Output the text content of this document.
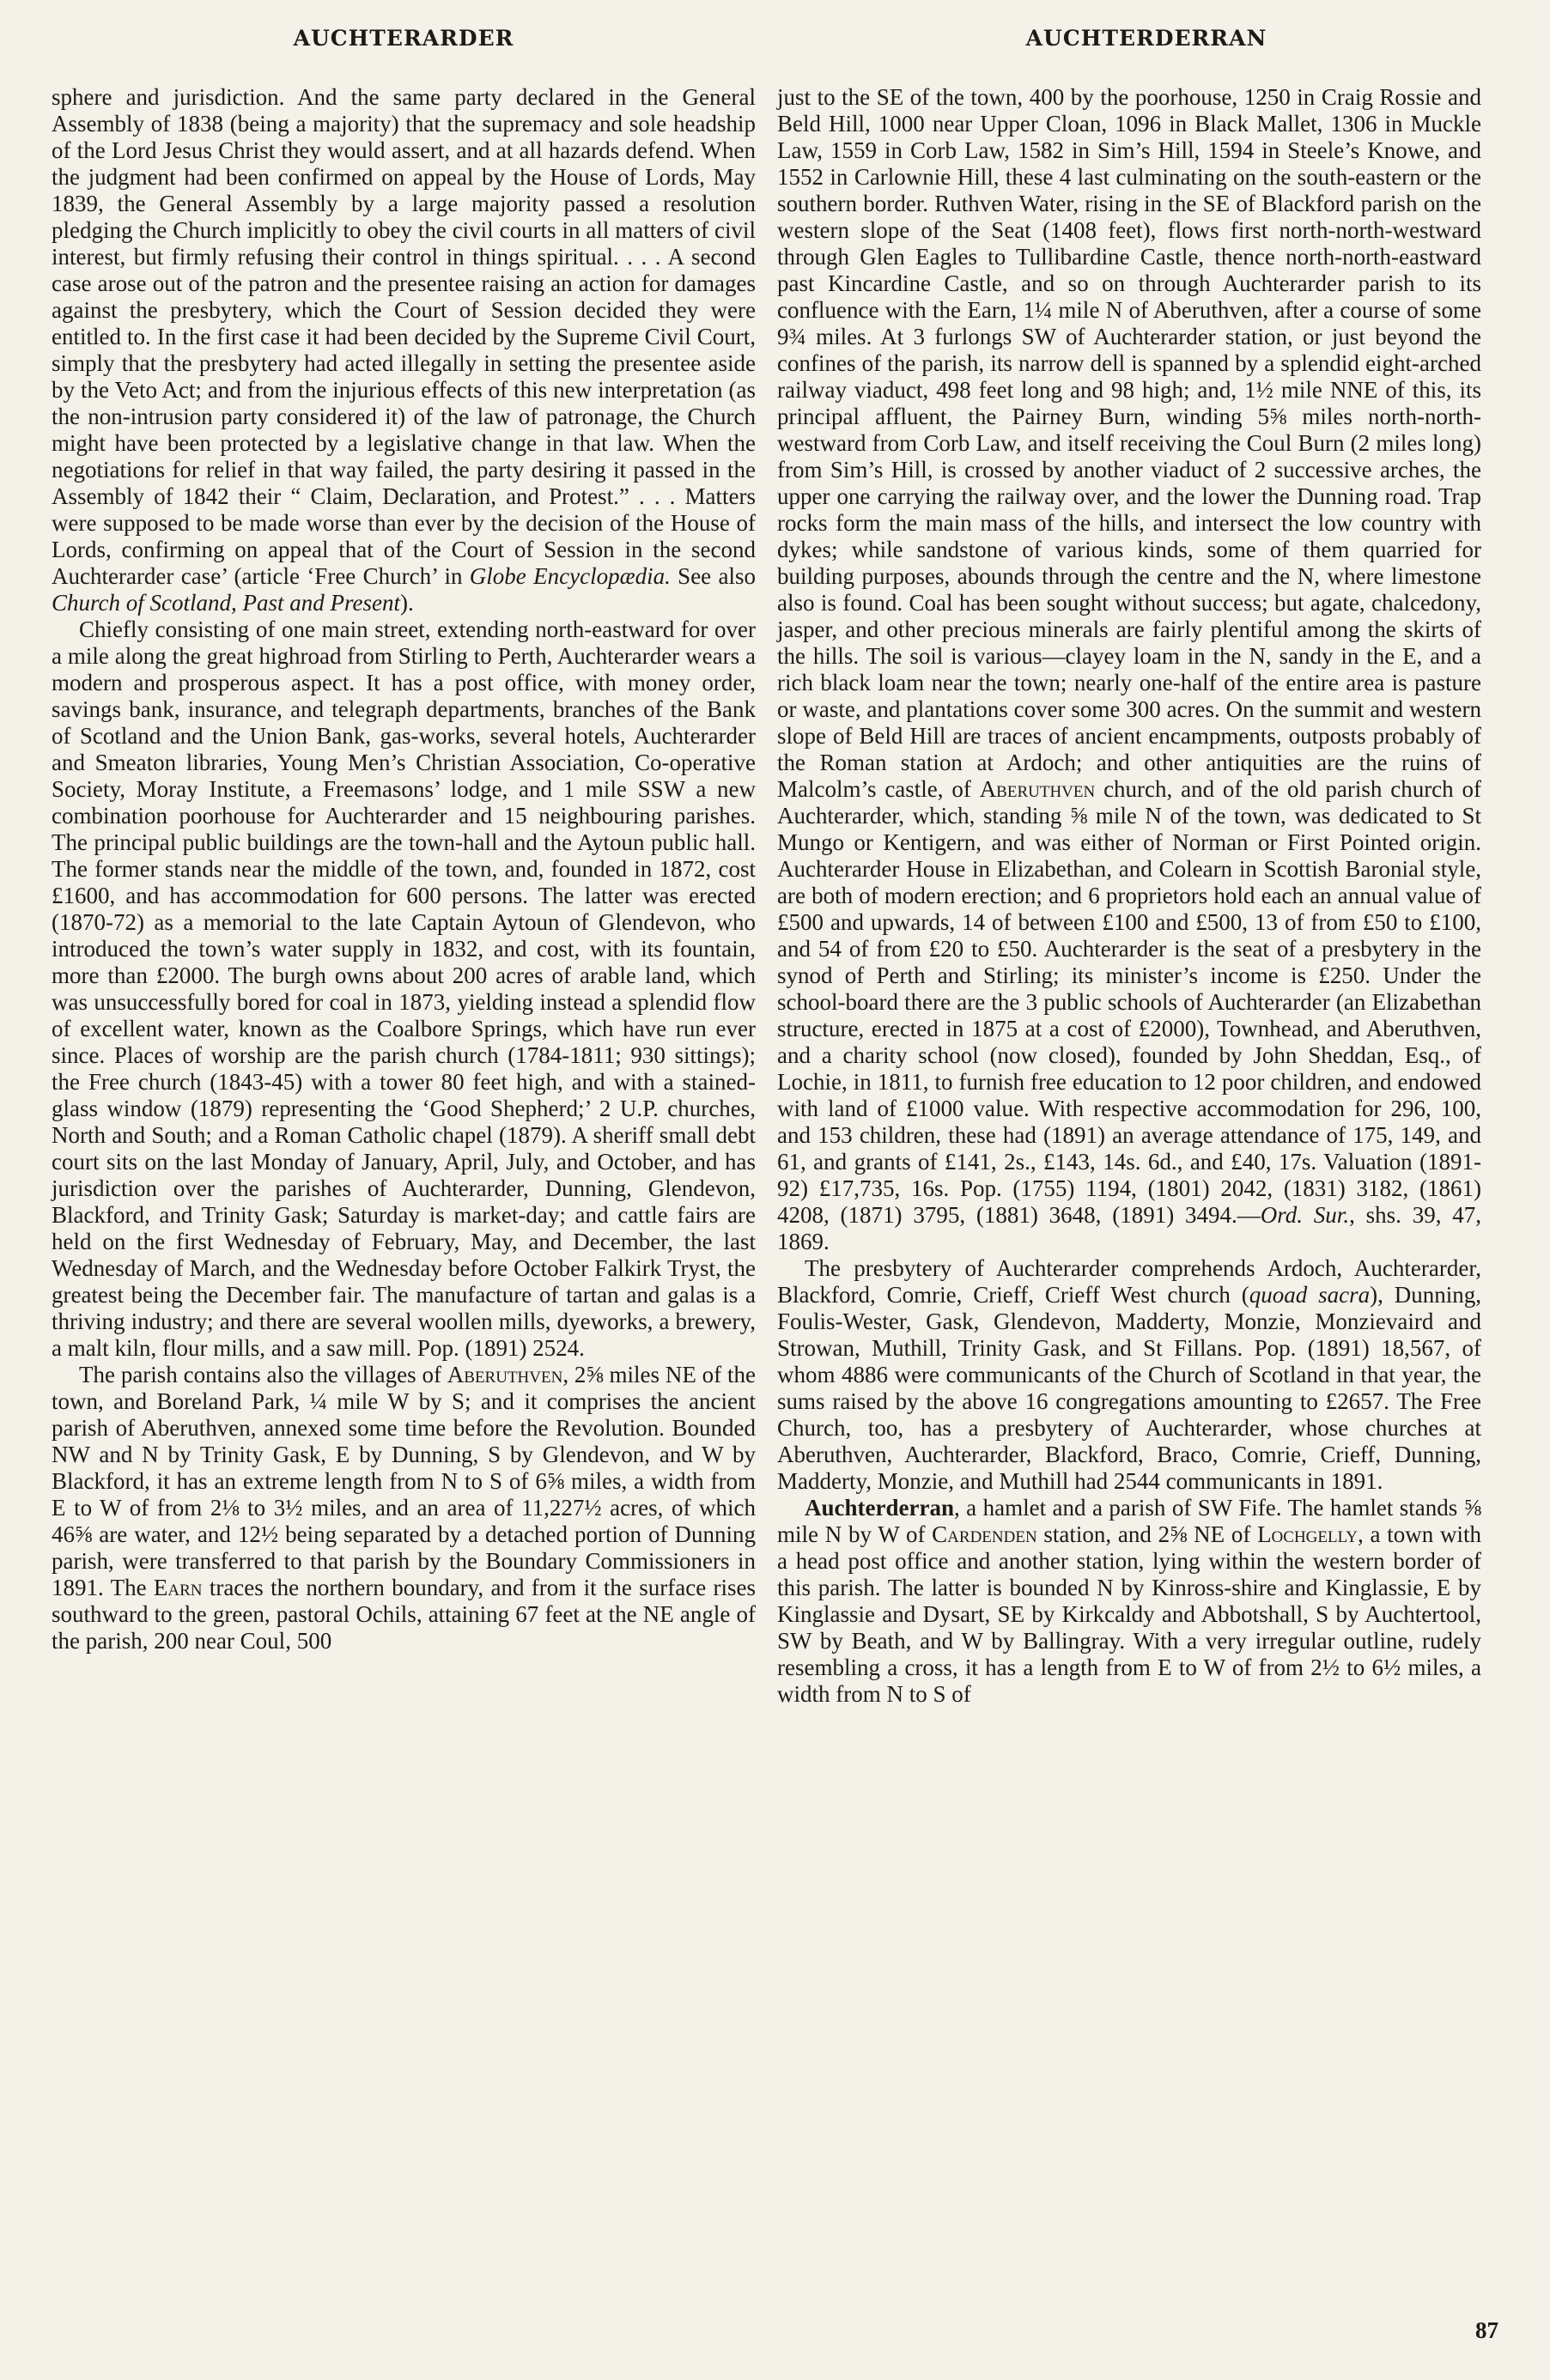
AUCHTERARDER	AUCHTERDERRAN

sphere and jurisdiction. And the same party declared in the General Assembly of 1838 (being a majority) that the supremacy and sole headship of the Lord Jesus Christ they would assert, and at all hazards defend. When the judgment had been confirmed on appeal by the House of Lords, May 1839, the General Assembly by a large majority passed a resolution pledging the Church implicitly to obey the civil courts in all matters of civil interest, but firmly refusing their control in things spiritual. . . . A second case arose out of the patron and the presentee raising an action for damages against the presbytery, which the Court of Session decided they were entitled to. In the first case it had been decided by the Supreme Civil Court, simply that the presbytery had acted illegally in setting the presentee aside by the Veto Act; and from the injurious effects of this new interpretation (as the non-intrusion party considered it) of the law of patronage, the Church might have been protected by a legislative change in that law. When the negotiations for relief in that way failed, the party desiring it passed in the Assembly of 1842 their “ Claim, Declaration, and Protest.” . . . Matters were supposed to be made worse than ever by the decision of the House of Lords, confirming on appeal that of the Court of Session in the second Auchterarder case’ (article ‘Free Church’ in Globe Encyclopædia. See also Church of Scotland, Past and Present).

Chiefly consisting of one main street, extending north-eastward for over a mile along the great highroad from Stirling to Perth, Auchterarder wears a modern and prosperous aspect. It has a post office, with money order, savings bank, insurance, and telegraph departments, branches of the Bank of Scotland and the Union Bank, gas-works, several hotels, Auchterarder and Smeaton libraries, Young Men’s Christian Association, Co-operative Society, Moray Institute, a Freemasons’ lodge, and 1 mile SSW a new combination poorhouse for Auchterarder and 15 neighbouring parishes. The principal public buildings are the town-hall and the Aytoun public hall. The former stands near the middle of the town, and, founded in 1872, cost £1600, and has accommodation for 600 persons. The latter was erected (1870-72) as a memorial to the late Captain Aytoun of Glendevon, who introduced the town’s water supply in 1832, and cost, with its fountain, more than £2000. The burgh owns about 200 acres of arable land, which was unsuccessfully bored for coal in 1873, yielding instead a splendid flow of excellent water, known as the Coalbore Springs, which have run ever since. Places of worship are the parish church (1784-1811; 930 sittings); the Free church (1843-45) with a tower 80 feet high, and with a stained-glass window (1879) representing the ‘Good Shepherd;’ 2 U.P. churches, North and South; and a Roman Catholic chapel (1879). A sheriff small debt court sits on the last Monday of January, April, July, and October, and has jurisdiction over the parishes of Auchterarder, Dunning, Glendevon, Blackford, and Trinity Gask; Saturday is market-day; and cattle fairs are held on the first Wednesday of February, May, and December, the last Wednesday of March, and the Wednesday before October Falkirk Tryst, the greatest being the December fair. The manufacture of tartan and galas is a thriving industry; and there are several woollen mills, dyeworks, a brewery, a malt kiln, flour mills, and a saw mill. Pop. (1891) 2524.

The parish contains also the villages of Aberuthven, 2⅝ miles NE of the town, and Boreland Park, ¼ mile W by S; and it comprises the ancient parish of Aberuthven, annexed some time before the Revolution. Bounded NW and N by Trinity Gask, E by Dunning, S by Glendevon, and W by Blackford, it has an extreme length from N to S of 6⅝ miles, a width from E to W of from 2⅛ to 3½ miles, and an area of 11,227½ acres, of which 46⅝ are water, and 12½ being separated by a detached portion of Dunning parish, were transferred to that parish by the Boundary Commissioners in 1891. The Earn traces the northern boundary, and from it the surface rises southward to the green, pastoral Ochils, attaining 67 feet at the NE angle of the parish, 200 near Coul, 500

just to the SE of the town, 400 by the poorhouse, 1250 in Craig Rossie and Beld Hill, 1000 near Upper Cloan, 1096 in Black Mallet, 1306 in Muckle Law, 1559 in Corb Law, 1582 in Sim’s Hill, 1594 in Steele’s Knowe, and 1552 in Carlownie Hill, these 4 last culminating on the south-eastern or the southern border. Ruthven Water, rising in the SE of Blackford parish on the western slope of the Seat (1408 feet), flows first north-north-westward through Glen Eagles to Tullibardine Castle, thence north-north-eastward past Kincardine Castle, and so on through Auchterarder parish to its confluence with the Earn, 1¼ mile N of Aberuthven, after a course of some 9¾ miles. At 3 furlongs SW of Auchterarder station, or just beyond the confines of the parish, its narrow dell is spanned by a splendid eight-arched railway viaduct, 498 feet long and 98 high; and, 1½ mile NNE of this, its principal affluent, the Pairney Burn, winding 5⅝ miles north-north-westward from Corb Law, and itself receiving the Coul Burn (2 miles long) from Sim’s Hill, is crossed by another viaduct of 2 successive arches, the upper one carrying the railway over, and the lower the Dunning road. Trap rocks form the main mass of the hills, and intersect the low country with dykes; while sandstone of various kinds, some of them quarried for building purposes, abounds through the centre and the N, where limestone also is found. Coal has been sought without success; but agate, chalcedony, jasper, and other precious minerals are fairly plentiful among the skirts of the hills. The soil is various—clayey loam in the N, sandy in the E, and a rich black loam near the town; nearly one-half of the entire area is pasture or waste, and plantations cover some 300 acres. On the summit and western slope of Beld Hill are traces of ancient encampments, outposts probably of the Roman station at Ardoch; and other antiquities are the ruins of Malcolm’s castle, of Aberuthven church, and of the old parish church of Auchterarder, which, standing ⅝ mile N of the town, was dedicated to St Mungo or Kentigern, and was either of Norman or First Pointed origin. Auchterarder House in Elizabethan, and Colearn in Scottish Baronial style, are both of modern erection; and 6 proprietors hold each an annual value of £500 and upwards, 14 of between £100 and £500, 13 of from £50 to £100, and 54 of from £20 to £50. Auchterarder is the seat of a presbytery in the synod of Perth and Stirling; its minister’s income is £250. Under the school-board there are the 3 public schools of Auchterarder (an Elizabethan structure, erected in 1875 at a cost of £2000), Townhead, and Aberuthven, and a charity school (now closed), founded by John Sheddan, Esq., of Lochie, in 1811, to furnish free education to 12 poor children, and endowed with land of £1000 value. With respective accommodation for 296, 100, and 153 children, these had (1891) an average attendance of 175, 149, and 61, and grants of £141, 2s., £143, 14s. 6d., and £40, 17s. Valuation (1891-92) £17,735, 16s. Pop. (1755) 1194, (1801) 2042, (1831) 3182, (1861) 4208, (1871) 3795, (1881) 3648, (1891) 3494.—Ord. Sur., shs. 39, 47, 1869.

The presbytery of Auchterarder comprehends Ardoch, Auchterarder, Blackford, Comrie, Crieff, Crieff West church (quoad sacra), Dunning, Foulis-Wester, Gask, Glendevon, Madderty, Monzie, Monzievaird and Strowan, Muthill, Trinity Gask, and St Fillans. Pop. (1891) 18,567, of whom 4886 were communicants of the Church of Scotland in that year, the sums raised by the above 16 congregations amounting to £2657. The Free Church, too, has a presbytery of Auchterarder, whose churches at Aberuthven, Auchterarder, Blackford, Braco, Comrie, Crieff, Dunning, Madderty, Monzie, and Muthill had 2544 communicants in 1891.

Auchterderran, a hamlet and a parish of SW Fife. The hamlet stands ⅝ mile N by W of Cardenden station, and 2⅝ NE of Lochgelly, a town with a head post office and another station, lying within the western border of this parish. The latter is bounded N by Kinross-shire and Kinglassie, E by Kinglassie and Dysart, SE by Kirkcaldy and Abbotshall, S by Auchtertool, SW by Beath, and W by Ballingray. With a very irregular outline, rudely resembling a cross, it has a length from E to W of from 2½ to 6½ miles, a width from N to S of

87
